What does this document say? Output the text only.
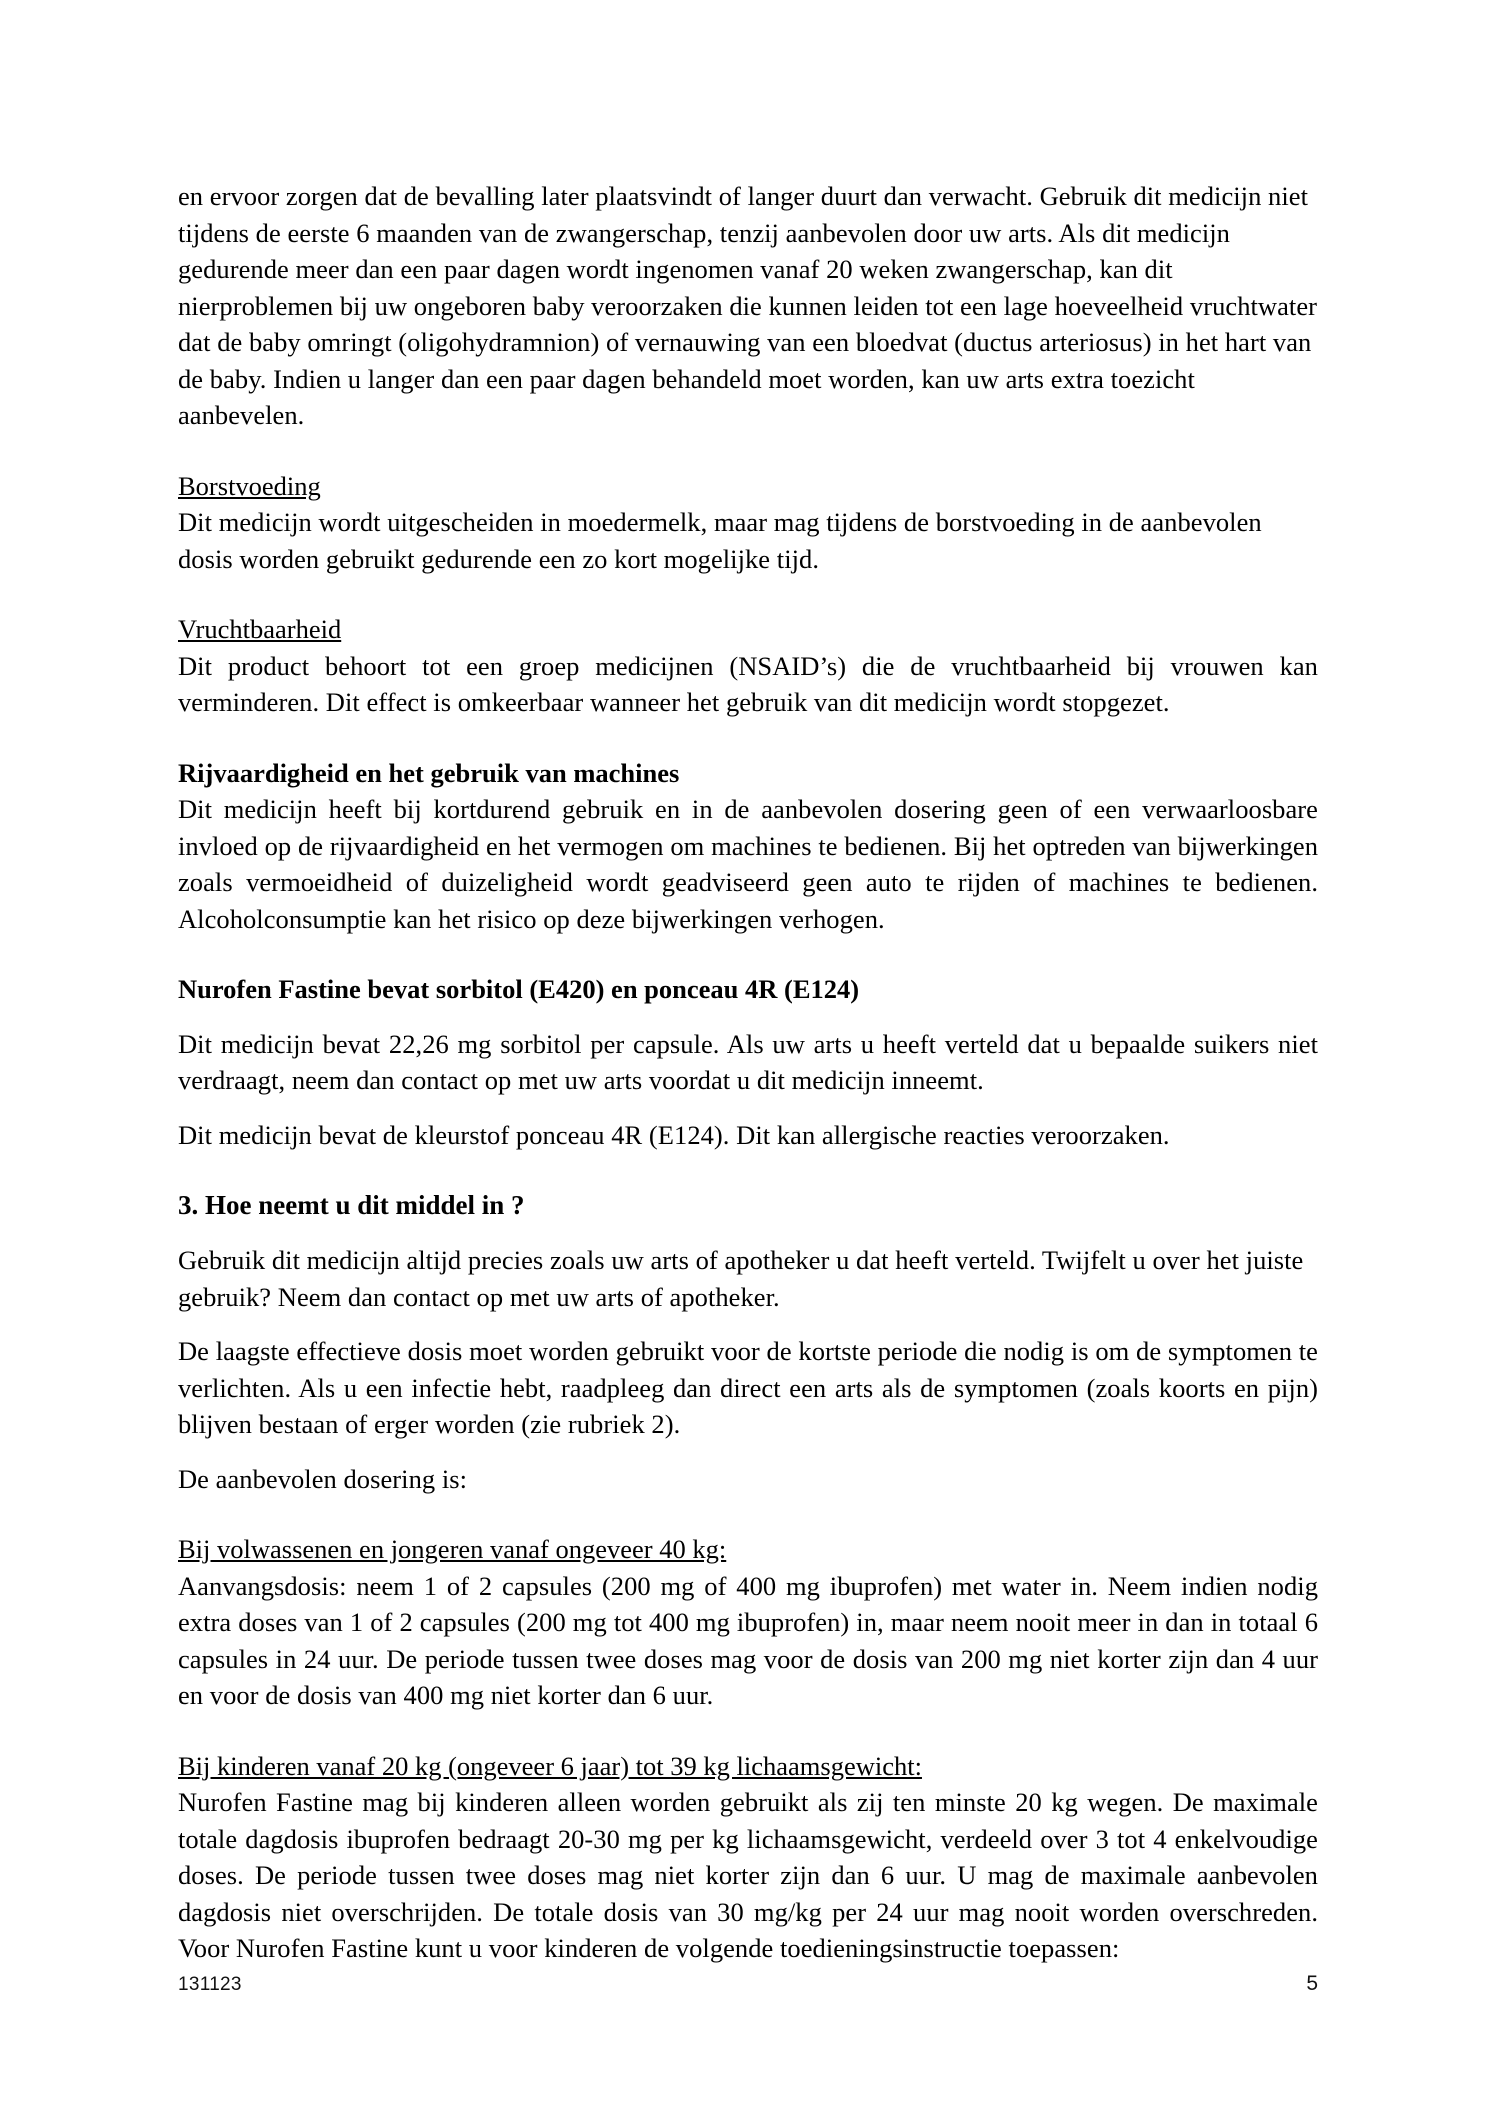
en ervoor zorgen dat de bevalling later plaatsvindt of langer duurt dan verwacht. Gebruik dit medicijn niet tijdens de eerste 6 maanden van de zwangerschap, tenzij aanbevolen door uw arts. Als dit medicijn gedurende meer dan een paar dagen wordt ingenomen vanaf 20 weken zwangerschap, kan dit nierproblemen bij uw ongeboren baby veroorzaken die kunnen leiden tot een lage hoeveelheid vruchtwater dat de baby omringt (oligohydramnion) of vernauwing van een bloedvat (ductus arteriosus) in het hart van de baby. Indien u langer dan een paar dagen behandeld moet worden, kan uw arts extra toezicht aanbevelen.

Borstvoeding

Dit medicijn wordt uitgescheiden in moedermelk, maar mag tijdens de borstvoeding in de aanbevolen dosis worden gebruikt gedurende een zo kort mogelijke tijd.

Vruchtbaarheid

Dit product behoort tot een groep medicijnen (NSAID’s) die de vruchtbaarheid bij vrouwen kan verminderen. Dit effect is omkeerbaar wanneer het gebruik van dit medicijn wordt stopgezet.

Rijvaardigheid en het gebruik van machines

Dit medicijn heeft bij kortdurend gebruik en in de aanbevolen dosering geen of een verwaarloosbare invloed op de rijvaardigheid en het vermogen om machines te bedienen. Bij het optreden van bijwerkingen zoals vermoeidheid of duizeligheid wordt geadviseerd geen auto te rijden of machines te bedienen. Alcoholconsumptie kan het risico op deze bijwerkingen verhogen.

Nurofen Fastine bevat sorbitol (E420) en ponceau 4R (E124)

Dit medicijn bevat 22,26 mg sorbitol per capsule. Als uw arts u heeft verteld dat u bepaalde suikers niet verdraagt, neem dan contact op met uw arts voordat u dit medicijn inneemt.

Dit medicijn bevat de kleurstof ponceau 4R (E124). Dit kan allergische reacties veroorzaken.

3. Hoe neemt u dit middel in ?

Gebruik dit medicijn altijd precies zoals uw arts of apotheker u dat heeft verteld. Twijfelt u over het juiste gebruik? Neem dan contact op met uw arts of apotheker.

De laagste effectieve dosis moet worden gebruikt voor de kortste periode die nodig is om de symptomen te verlichten. Als u een infectie hebt, raadpleeg dan direct een arts als de symptomen (zoals koorts en pijn) blijven bestaan of erger worden (zie rubriek 2).

De aanbevolen dosering is:

Bij volwassenen en jongeren vanaf ongeveer 40 kg:

Aanvangsdosis: neem 1 of 2 capsules (200 mg of 400 mg ibuprofen) met water in. Neem indien nodig extra doses van 1 of 2 capsules (200 mg tot 400 mg ibuprofen) in, maar neem nooit meer in dan in totaal 6 capsules in 24 uur. De periode tussen twee doses mag voor de dosis van 200 mg niet korter zijn dan 4 uur en voor de dosis van 400 mg niet korter dan 6 uur.

Bij kinderen vanaf 20 kg (ongeveer 6 jaar) tot 39 kg lichaamsgewicht:

Nurofen Fastine mag bij kinderen alleen worden gebruikt als zij ten minste 20 kg wegen. De maximale totale dagdosis ibuprofen bedraagt 20-30 mg per kg lichaamsgewicht, verdeeld over 3 tot 4 enkelvoudige doses. De periode tussen twee doses mag niet korter zijn dan 6 uur. U mag de maximale aanbevolen dagdosis niet overschrijden. De totale dosis van 30 mg/kg per 24 uur mag nooit worden overschreden. Voor Nurofen Fastine kunt u voor kinderen de volgende toedieningsinstructie toepassen:

131123	5
